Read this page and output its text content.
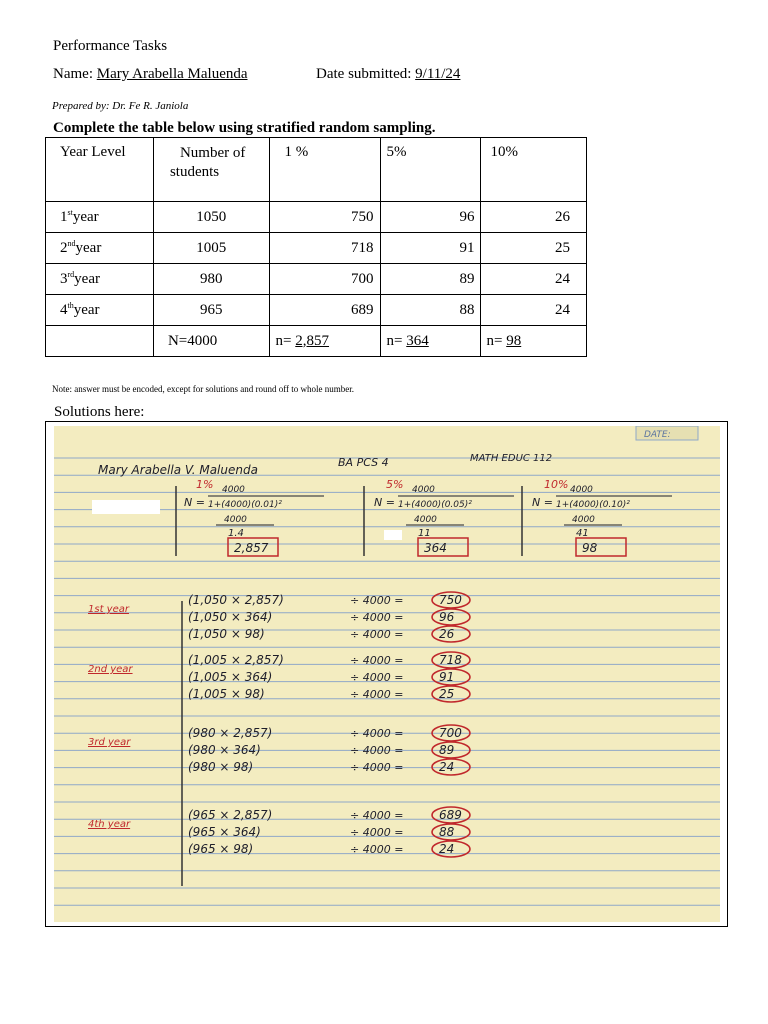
Performance Tasks
Name: Mary Arabella Maluenda	Date submitted: 9/11/24
Prepared by: Dr. Fe R. Janiola
Complete the table below using stratified random sampling.
Year Level	Number of
students	1 %	5%	10%
1styear	1050	750	96	26
2ndyear	1005	718	91	25
3rdyear	980	700	89	24
4thyear	965	689	88	24
	N=4000	n= 2,857	n= 364	n= 98
Note: answer must be encoded, except for solutions and round off to whole number.
Solutions here:
DATE:
Mary Arabella V. Maluenda
BA PCS 4	MATH EDUC 112
1% 4000
N = 1+(4000)(0.01)²
4000
1.4
2,857
5% 4000
N = 1+(4000)(0.05)²
4000
11
364
10% 4000
N = 1+(4000)(0.10)²
4000
41
98
1st year
(1,050 × 2,857)	÷ 4000 =	750
(1,050 × 364)	÷ 4000 =	96
(1,050 × 98)	÷ 4000 =	26
2nd year
(1,005 × 2,857)	÷ 4000 =	718
(1,005 × 364)	÷ 4000 =	91
(1,005 × 98)	÷ 4000 =	25
3rd year
(980 × 2,857)	÷ 4000 =	700
(980 × 364)	÷ 4000 =	89
(980 × 98)	÷ 4000 =	24
4th year
(965 × 2,857)	÷ 4000 =	689
(965 × 364)	÷ 4000 =	88
(965 × 98)	÷ 4000 =	24
